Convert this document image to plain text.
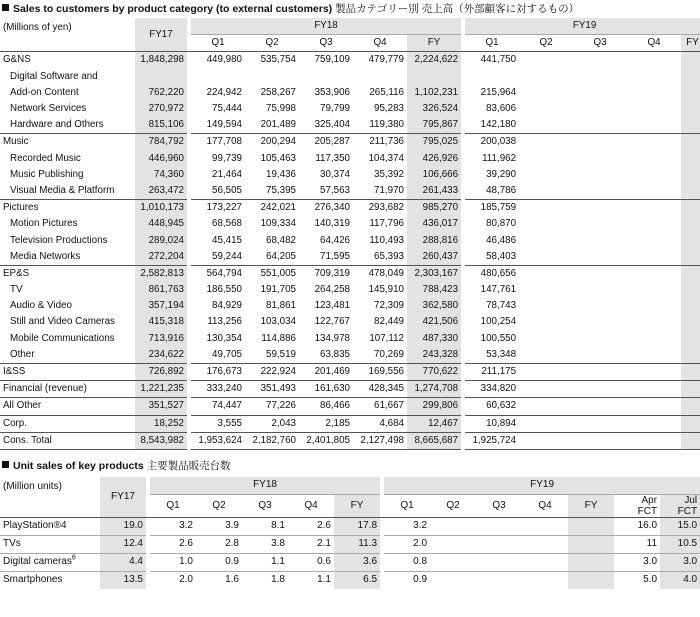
Sales to customers by product category (to external customers) 製品カテゴリー別 売上高（外部顧客に対するもの）
(Millions of yen)	FY17		FY18						FY19				
			Q1	Q2	Q3	Q4	FY		Q1	Q2	Q3	Q4	FY
G&NS	1,848,298		449,980	535,754	759,109	479,779	2,224,622		441,750				
Digital Software and													
Add-on Content	762,220		224,942	258,267	353,906	265,116	1,102,231		215,964				
Network Services	270,972		75,444	75,998	79,799	95,283	326,524		83,606				
Hardware and Others	815,106		149,594	201,489	325,404	119,380	795,867		142,180				
Music	784,792		177,708	200,294	205,287	211,736	795,025		200,038				
Recorded Music	446,960		99,739	105,463	117,350	104,374	426,926		111,962				
Music Publishing	74,360		21,464	19,436	30,374	35,392	106,666		39,290				
Visual Media & Platform	263,472		56,505	75,395	57,563	71,970	261,433		48,786				
Pictures	1,010,173		173,227	242,021	276,340	293,682	985,270		185,759				
Motion Pictures	448,945		68,568	109,334	140,319	117,796	436,017		80,870				
Television Productions	289,024		45,415	68,482	64,426	110,493	288,816		46,486				
Media Networks	272,204		59,244	64,205	71,595	65,393	260,437		58,403				
EP&S	2,582,813		564,794	551,005	709,319	478,049	2,303,167		480,656				
TV	861,763		186,550	191,705	264,258	145,910	788,423		147,761				
Audio & Video	357,194		84,929	81,861	123,481	72,309	362,580		78,743				
Still and Video Cameras	415,318		113,256	103,034	122,767	82,449	421,506		100,254				
Mobile Communications	713,916		130,354	114,886	134,978	107,112	487,330		100,550				
Other	234,622		49,705	59,519	63,835	70,269	243,328		53,348				
I&SS	726,892		176,673	222,924	201,469	169,556	770,622		211,175				
Financial (revenue)	1,221,235		333,240	351,493	161,630	428,345	1,274,708		334,820				
All Other	351,527		74,447	77,226	86,466	61,667	299,806		60,632				
Corp.	18,252		3,555	2,043	2,185	4,684	12,467		10,894				
Cons. Total	8,543,982		1,953,624	2,182,760	2,401,805	2,127,498	8,665,687		1,925,724				
Unit sales of key products 主要製品販売台数
(Million units)	FY17		FY18						FY19						
			Q1	Q2	Q3	Q4	FY		Q1	Q2	Q3	Q4	FY	Apr
FCT	Jul
FCT
PlayStation®4	19.0		3.2	3.9	8.1	2.6	17.8		3.2					16.0	15.0
TVs	12.4		2.6	2.8	3.8	2.1	11.3		2.0					11	10.5
Digital cameras$^6$	4.4		1.0	0.9	1.1	0.6	3.6		0.8					3.0	3.0
Smartphones	13.5		2.0	1.6	1.8	1.1	6.5		0.9					5.0	4.0
